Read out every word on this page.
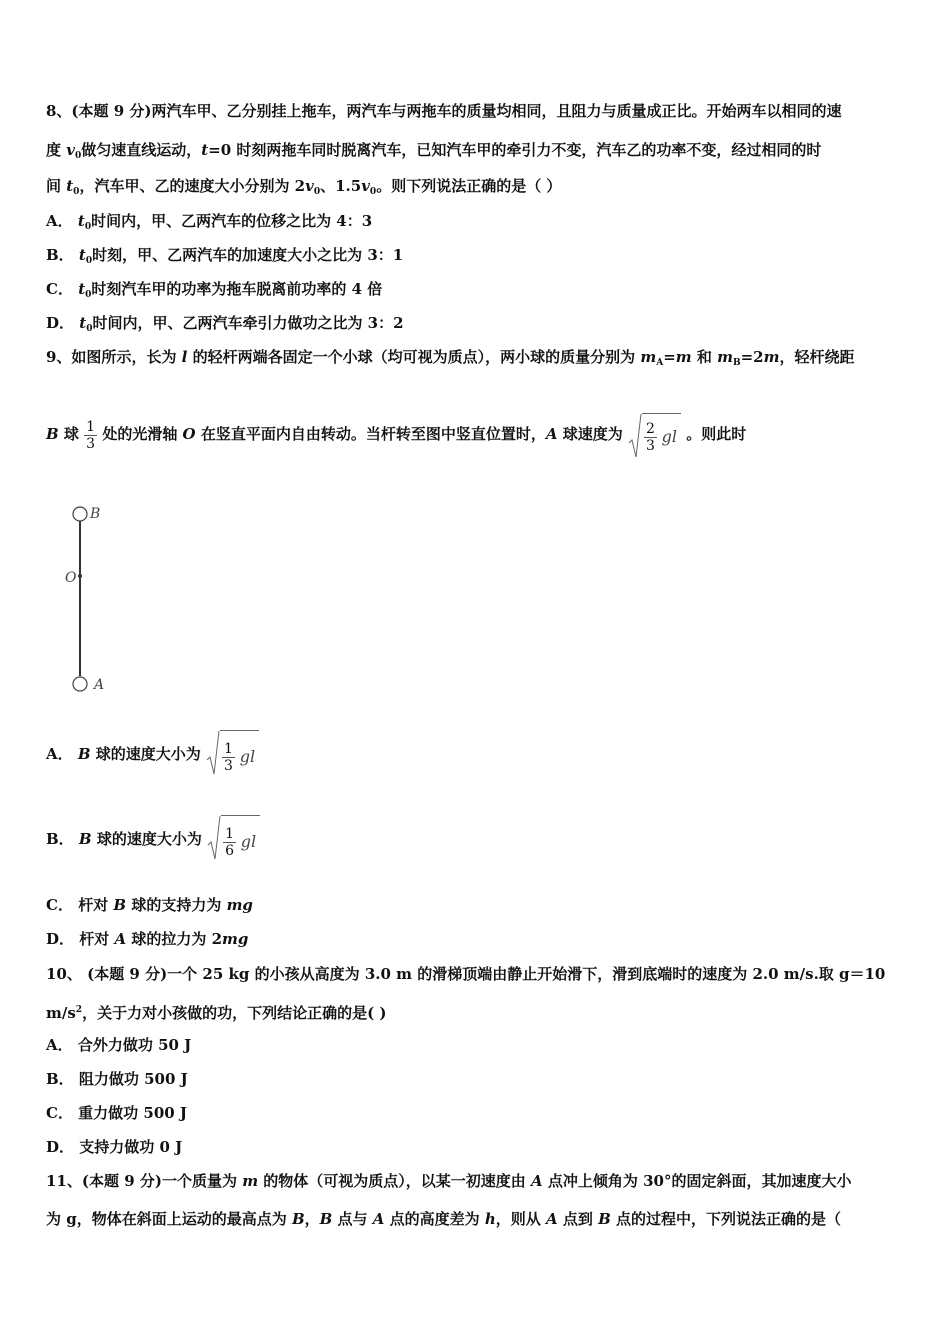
8、(本题 9 分)两汽车甲、乙分别挂上拖车，两汽车与两拖车的质量均相同，且阻力与质量成正比。开始两车以相同的速
度 $v_0$做匀速直线运动，t=0 时刻两拖车同时脱离汽车，已知汽车甲的牵引力不变，汽车乙的功率不变，经过相同的时
间 $t_0$，汽车甲、乙的速度大小分别为 $2v_0$、$1.5v_0$。则下列说法正确的是（ ）
A． $t_0$时间内，甲、乙两汽车的位移之比为 4：3
B． $t_0$时刻，甲、乙两汽车的加速度大小之比为 3：1
C． $t_0$时刻汽车甲的功率为拖车脱离前功率的 4 倍
D． $t_0$时间内，甲、乙两汽车牵引力做功之比为 3：2
9、如图所示，长为 l 的轻杆两端各固定一个小球（均可视为质点），两小球的质量分别为 $m_A=m$ 和 $m_B=2m$，轻杆绕距
B 球 $\frac{1}{3}$ 处的光滑轴 O 在竖直平面内自由转动。当杆转至图中竖直位置时，A 球速度为 $\frac{2}{3}$ gl 。则此时
B
O
A
A． B 球的速度大小为 $\frac{1}{3}$ gl
B． B 球的速度大小为 $\frac{1}{6}$ gl
C． 杆对 B 球的支持力为 mg
D． 杆对 A 球的拉力为 2mg
10、 (本题 9 分)一个 25 kg 的小孩从高度为 3.0 m 的滑梯顶端由静止开始滑下，滑到底端时的速度为 2.0 m/s.取 g＝10
$m/s^2$，关于力对小孩做的功，下列结论正确的是( )
A． 合外力做功 50 J
B． 阻力做功 500 J
C． 重力做功 500 J
D． 支持力做功 0 J
11、(本题 9 分)一个质量为 m 的物体（可视为质点），以某一初速度由 A 点冲上倾角为 30°的固定斜面，其加速度大小
为 g，物体在斜面上运动的最高点为 B，B 点与 A 点的高度差为 h，则从 A 点到 B 点的过程中，下列说法正确的是（
